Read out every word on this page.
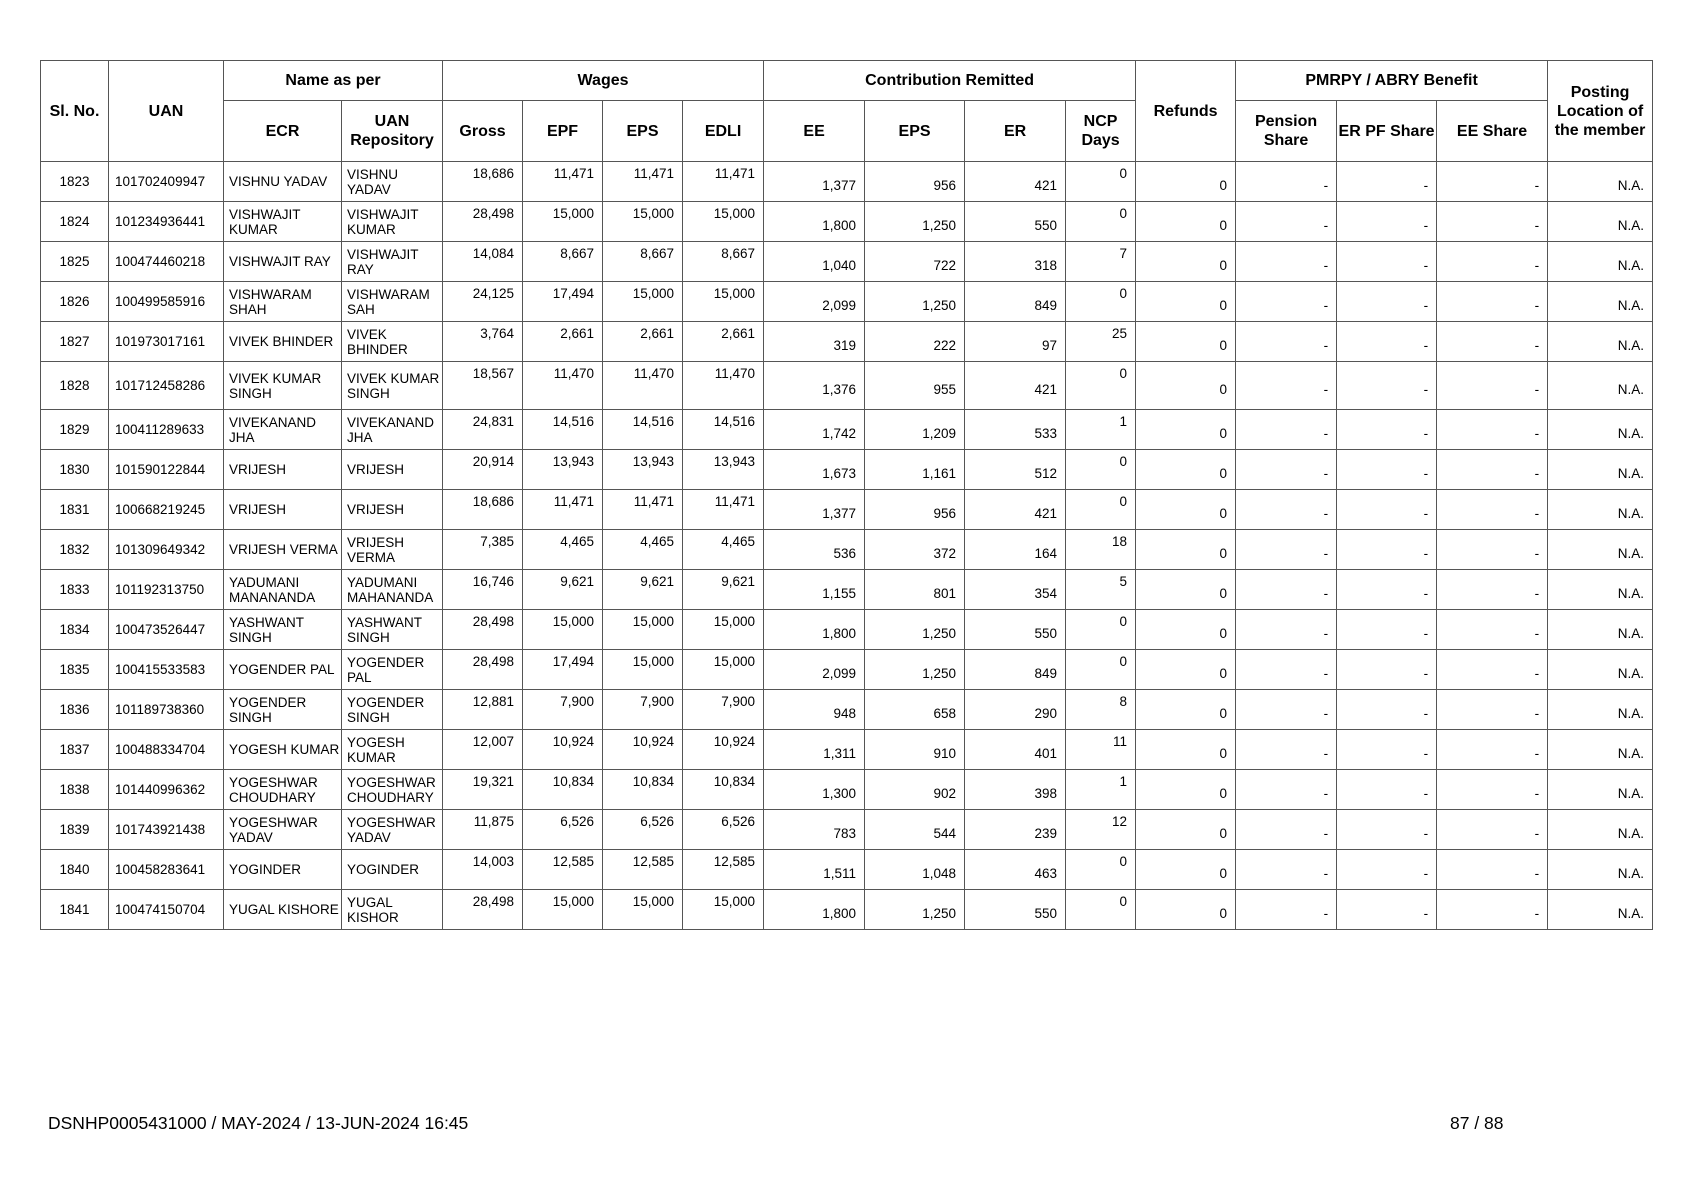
Sl. No.	UAN	Name as per		Wages				Contribution Remitted				Refunds	PMRPY / ABRY Benefit			Posting Location of the member
		ECR	UAN Repository	Gross	EPF	EPS	EDLI	EE	EPS	ER	NCP Days		Pension Share	ER PF Share	EE Share	
1823	101702409947	VISHNU YADAV	VISHNU YADAV	18,686	11,471	11,471	11,471	1,377	956	421	0	0	-	-	-	N.A.
1824	101234936441	VISHWAJIT KUMAR	VISHWAJIT KUMAR	28,498	15,000	15,000	15,000	1,800	1,250	550	0	0	-	-	-	N.A.
1825	100474460218	VISHWAJIT RAY	VISHWAJIT RAY	14,084	8,667	8,667	8,667	1,040	722	318	7	0	-	-	-	N.A.
1826	100499585916	VISHWARAM SHAH	VISHWARAM SAH	24,125	17,494	15,000	15,000	2,099	1,250	849	0	0	-	-	-	N.A.
1827	101973017161	VIVEK BHINDER	VIVEK BHINDER	3,764	2,661	2,661	2,661	319	222	97	25	0	-	-	-	N.A.
1828	101712458286	VIVEK KUMAR SINGH	VIVEK KUMAR SINGH	18,567	11,470	11,470	11,470	1,376	955	421	0	0	-	-	-	N.A.
1829	100411289633	VIVEKANAND JHA	VIVEKANAND JHA	24,831	14,516	14,516	14,516	1,742	1,209	533	1	0	-	-	-	N.A.
1830	101590122844	VRIJESH	VRIJESH	20,914	13,943	13,943	13,943	1,673	1,161	512	0	0	-	-	-	N.A.
1831	100668219245	VRIJESH	VRIJESH	18,686	11,471	11,471	11,471	1,377	956	421	0	0	-	-	-	N.A.
1832	101309649342	VRIJESH VERMA	VRIJESH VERMA	7,385	4,465	4,465	4,465	536	372	164	18	0	-	-	-	N.A.
1833	101192313750	YADUMANI MANANANDA	YADUMANI MAHANANDA	16,746	9,621	9,621	9,621	1,155	801	354	5	0	-	-	-	N.A.
1834	100473526447	YASHWANT SINGH	YASHWANT SINGH	28,498	15,000	15,000	15,000	1,800	1,250	550	0	0	-	-	-	N.A.
1835	100415533583	YOGENDER PAL	YOGENDER PAL	28,498	17,494	15,000	15,000	2,099	1,250	849	0	0	-	-	-	N.A.
1836	101189738360	YOGENDER SINGH	YOGENDER SINGH	12,881	7,900	7,900	7,900	948	658	290	8	0	-	-	-	N.A.
1837	100488334704	YOGESH KUMAR	YOGESH KUMAR	12,007	10,924	10,924	10,924	1,311	910	401	11	0	-	-	-	N.A.
1838	101440996362	YOGESHWAR CHOUDHARY	YOGESHWAR CHOUDHARY	19,321	10,834	10,834	10,834	1,300	902	398	1	0	-	-	-	N.A.
1839	101743921438	YOGESHWAR YADAV	YOGESHWAR YADAV	11,875	6,526	6,526	6,526	783	544	239	12	0	-	-	-	N.A.
1840	100458283641	YOGINDER	YOGINDER	14,003	12,585	12,585	12,585	1,511	1,048	463	0	0	-	-	-	N.A.
1841	100474150704	YUGAL KISHORE	YUGAL KISHOR	28,498	15,000	15,000	15,000	1,800	1,250	550	0	0	-	-	-	N.A.
DSNHP0005431000 / MAY-2024 / 13-JUN-2024 16:45	87 / 88
